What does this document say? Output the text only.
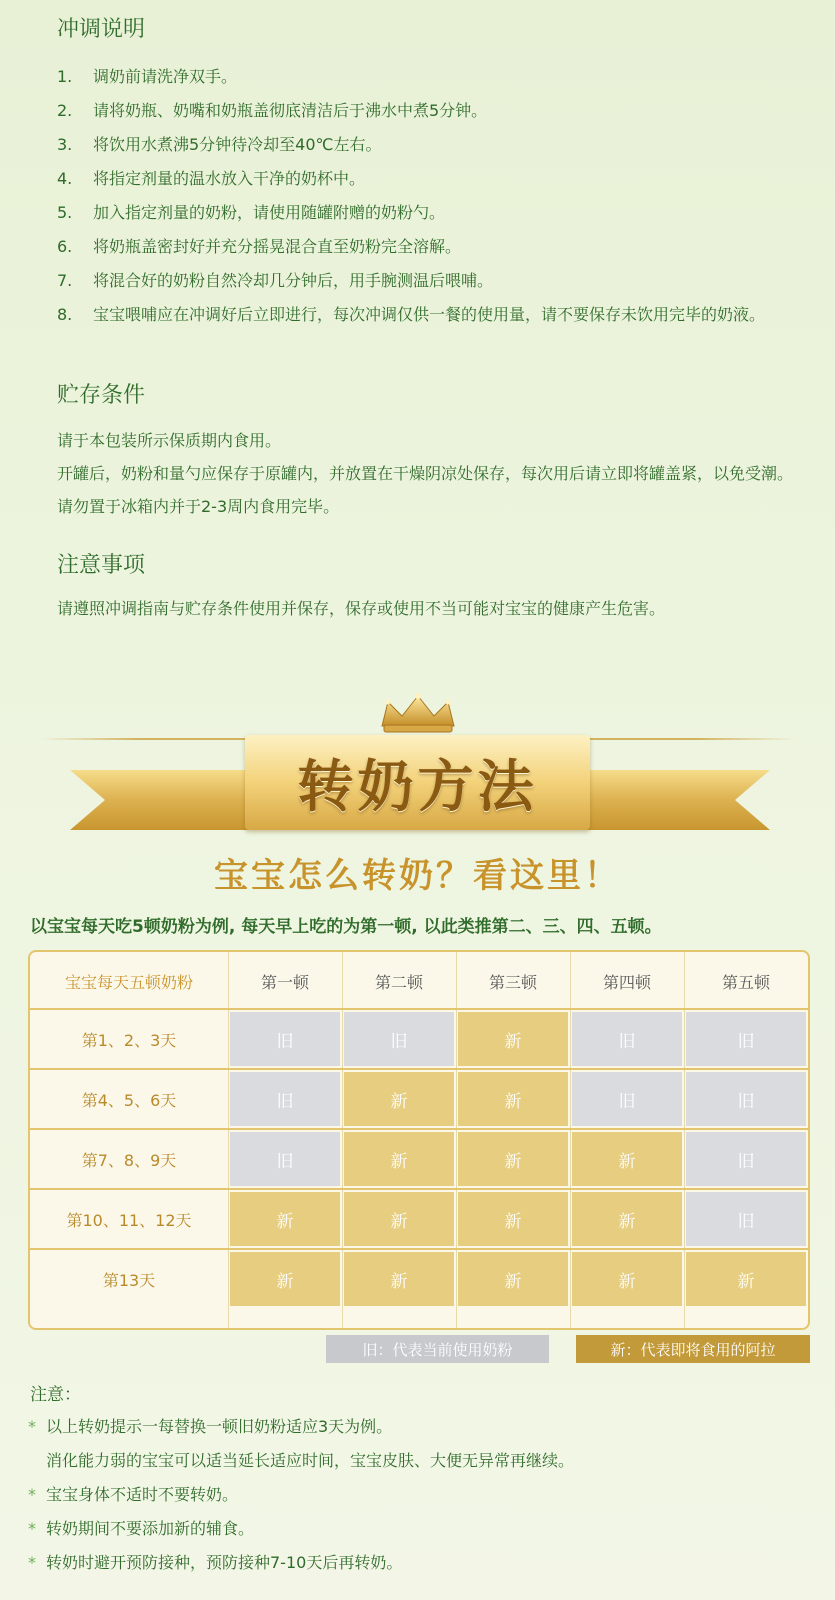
冲调说明
1.	调奶前请洗净双手。
2.	请将奶瓶、奶嘴和奶瓶盖彻底清洁后于沸水中煮5分钟。
3.	将饮用水煮沸5分钟待冷却至40℃左右。
4.	将指定剂量的温水放入干净的奶杯中。
5.	加入指定剂量的奶粉，请使用随罐附赠的奶粉勺。
6.	将奶瓶盖密封好并充分摇晃混合直至奶粉完全溶解。
7.	将混合好的奶粉自然冷却几分钟后，用手腕测温后喂哺。
8.	宝宝喂哺应在冲调好后立即进行，每次冲调仅供一餐的使用量，请不要保存未饮用完毕的奶液。
贮存条件
请于本包装所示保质期内食用。
开罐后，奶粉和量勺应保存于原罐内，并放置在干燥阴凉处保存，每次用后请立即将罐盖紧，以免受潮。请勿置于冰箱内并于2-3周内食用完毕。
注意事项
请遵照冲调指南与贮存条件使用并保存，保存或使用不当可能对宝宝的健康产生危害。
转奶方法
宝宝怎么转奶？看这里！
以宝宝每天吃5顿奶粉为例, 每天早上吃的为第一顿, 以此类推第二、三、四、五顿。
宝宝每天五顿奶粉	第一顿	第二顿	第三顿	第四顿	第五顿
第1、2、3天	旧	旧	新	旧	旧
第4、5、6天	旧	新	新	旧	旧
第7、8、9天	旧	新	新	新	旧
第10、11、12天	新	新	新	新	旧
第13天	新	新	新	新	新
旧：代表当前使用奶粉	新：代表即将食用的阿拉
注意：
* 以上转奶提示一每替换一顿旧奶粉适应3天为例。
消化能力弱的宝宝可以适当延长适应时间，宝宝皮肤、大便无异常再继续。
* 宝宝身体不适时不要转奶。
* 转奶期间不要添加新的辅食。
* 转奶时避开预防接种，预防接种7-10天后再转奶。
